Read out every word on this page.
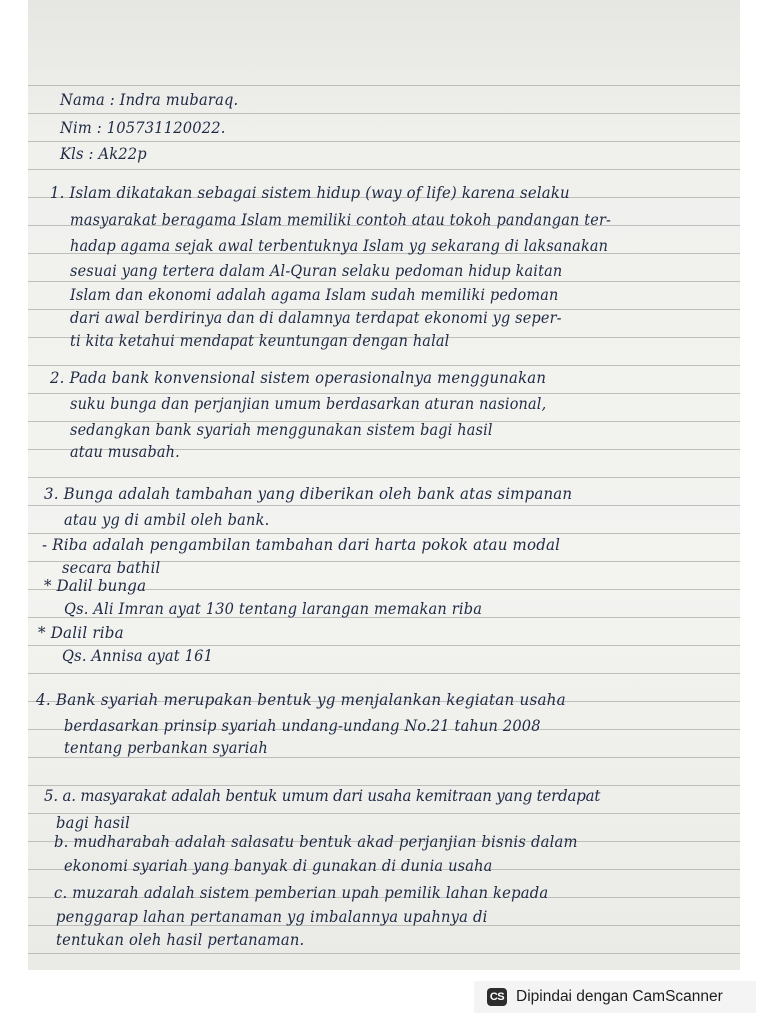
Nama : Indra mubaraq.
Nim : 105731120022.
Kls : Ak22p
1. Islam dikatakan sebagai sistem hidup (way of life) karena selaku
masyarakat beragama Islam memiliki contoh atau tokoh pandangan ter-
hadap agama sejak awal terbentuknya Islam yg sekarang di laksanakan
sesuai yang tertera dalam Al-Quran selaku pedoman hidup kaitan
Islam dan ekonomi adalah agama Islam sudah memiliki pedoman
dari awal berdirinya dan di dalamnya terdapat ekonomi yg seper-
ti kita ketahui mendapat keuntungan dengan halal
2. Pada bank konvensional sistem operasionalnya menggunakan
suku bunga dan perjanjian umum berdasarkan aturan nasional,
sedangkan bank syariah menggunakan sistem bagi hasil
atau musabah.
3. Bunga adalah tambahan yang diberikan oleh bank atas simpanan
atau yg di ambil oleh bank.
- Riba adalah pengambilan tambahan dari harta pokok atau modal
secara bathil
* Dalil bunga
Qs. Ali Imran ayat 130 tentang larangan memakan riba
* Dalil riba
Qs. Annisa ayat 161
4. Bank syariah merupakan bentuk yg menjalankan kegiatan usaha
berdasarkan prinsip syariah undang-undang No.21 tahun 2008
tentang perbankan syariah
5. a. masyarakat adalah bentuk umum dari usaha kemitraan yang terdapat
bagi hasil
b. mudharabah adalah salasatu bentuk akad perjanjian bisnis dalam
ekonomi syariah yang banyak di gunakan di dunia usaha
c. muzarah adalah sistem pemberian upah pemilik lahan kepada
penggarap lahan pertanaman yg imbalannya upahnya di
tentukan oleh hasil pertanaman.
CS Dipindai dengan CamScanner
